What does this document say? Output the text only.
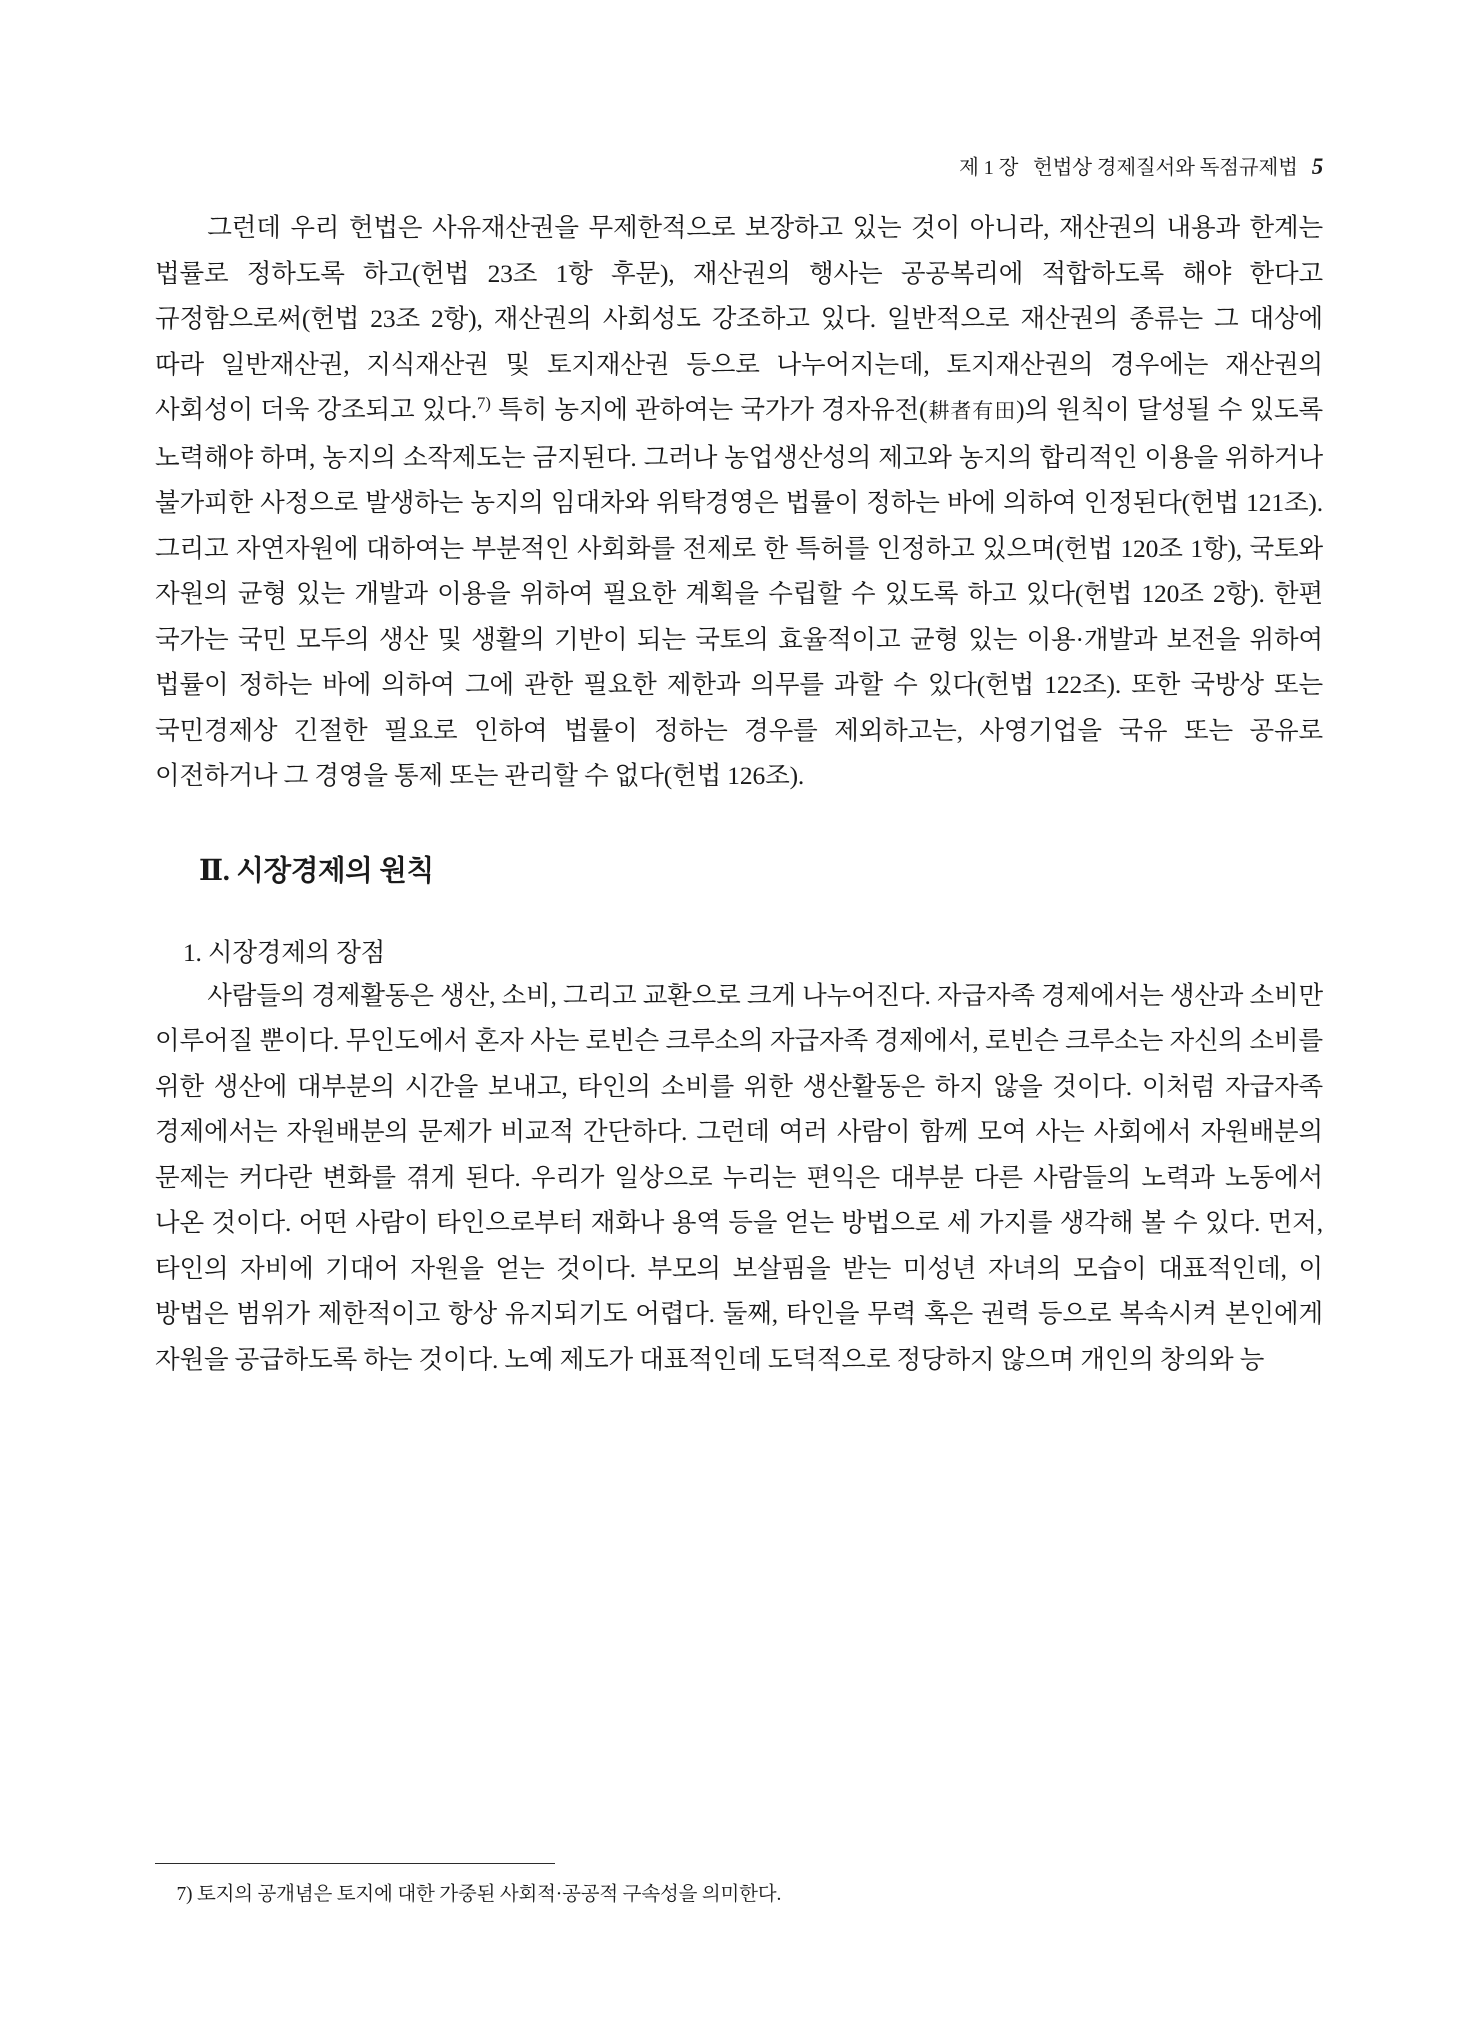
제 1 장   헌법상 경제질서와 독점규제법 5

그런데 우리 헌법은 사유재산권을 무제한적으로 보장하고 있는 것이 아니라, 재산권의 내용과 한계는 법률로 정하도록 하고(헌법 23조 1항 후문), 재산권의 행사는 공공복리에 적합하도록 해야 한다고 규정함으로써(헌법 23조 2항), 재산권의 사회성도 강조하고 있다. 일반적으로 재산권의 종류는 그 대상에 따라 일반재산권, 지식재산권 및 토지재산권 등으로 나누어지는데, 토지재산권의 경우에는 재산권의 사회성이 더욱 강조되고 있다.$^{7)}$ 특히 농지에 관하여는 국가가 경자유전(耕者有田)의 원칙이 달성될 수 있도록 노력해야 하며, 농지의 소작제도는 금지된다. 그러나 농업생산성의 제고와 농지의 합리적인 이용을 위하거나 불가피한 사정으로 발생하는 농지의 임대차와 위탁경영은 법률이 정하는 바에 의하여 인정된다(헌법 121조). 그리고 자연자원에 대하여는 부분적인 사회화를 전제로 한 특허를 인정하고 있으며(헌법 120조 1항), 국토와 자원의 균형 있는 개발과 이용을 위하여 필요한 계획을 수립할 수 있도록 하고 있다(헌법 120조 2항). 한편 국가는 국민 모두의 생산 및 생활의 기반이 되는 국토의 효율적이고 균형 있는 이용·개발과 보전을 위하여 법률이 정하는 바에 의하여 그에 관한 필요한 제한과 의무를 과할 수 있다(헌법 122조). 또한 국방상 또는 국민경제상 긴절한 필요로 인하여 법률이 정하는 경우를 제외하고는, 사영기업을 국유 또는 공유로 이전하거나 그 경영을 통제 또는 관리할 수 없다(헌법 126조).

Ⅱ. 시장경제의 원칙
1. 시장경제의 장점

사람들의 경제활동은 생산, 소비, 그리고 교환으로 크게 나누어진다. 자급자족 경제에서는 생산과 소비만 이루어질 뿐이다. 무인도에서 혼자 사는 로빈슨 크루소의 자급자족 경제에서, 로빈슨 크루소는 자신의 소비를 위한 생산에 대부분의 시간을 보내고, 타인의 소비를 위한 생산활동은 하지 않을 것이다. 이처럼 자급자족 경제에서는 자원배분의 문제가 비교적 간단하다. 그런데 여러 사람이 함께 모여 사는 사회에서 자원배분의 문제는 커다란 변화를 겪게 된다. 우리가 일상으로 누리는 편익은 대부분 다른 사람들의 노력과 노동에서 나온 것이다. 어떤 사람이 타인으로부터 재화나 용역 등을 얻는 방법으로 세 가지를 생각해 볼 수 있다. 먼저, 타인의 자비에 기대어 자원을 얻는 것이다. 부모의 보살핌을 받는 미성년 자녀의 모습이 대표적인데, 이 방법은 범위가 제한적이고 항상 유지되기도 어렵다. 둘째, 타인을 무력 혹은 권력 등으로 복속시켜 본인에게 자원을 공급하도록 하는 것이다. 노예 제도가 대표적인데 도덕적으로 정당하지 않으며 개인의 창의와 능

7) 토지의 공개념은 토지에 대한 가중된 사회적·공공적 구속성을 의미한다.
